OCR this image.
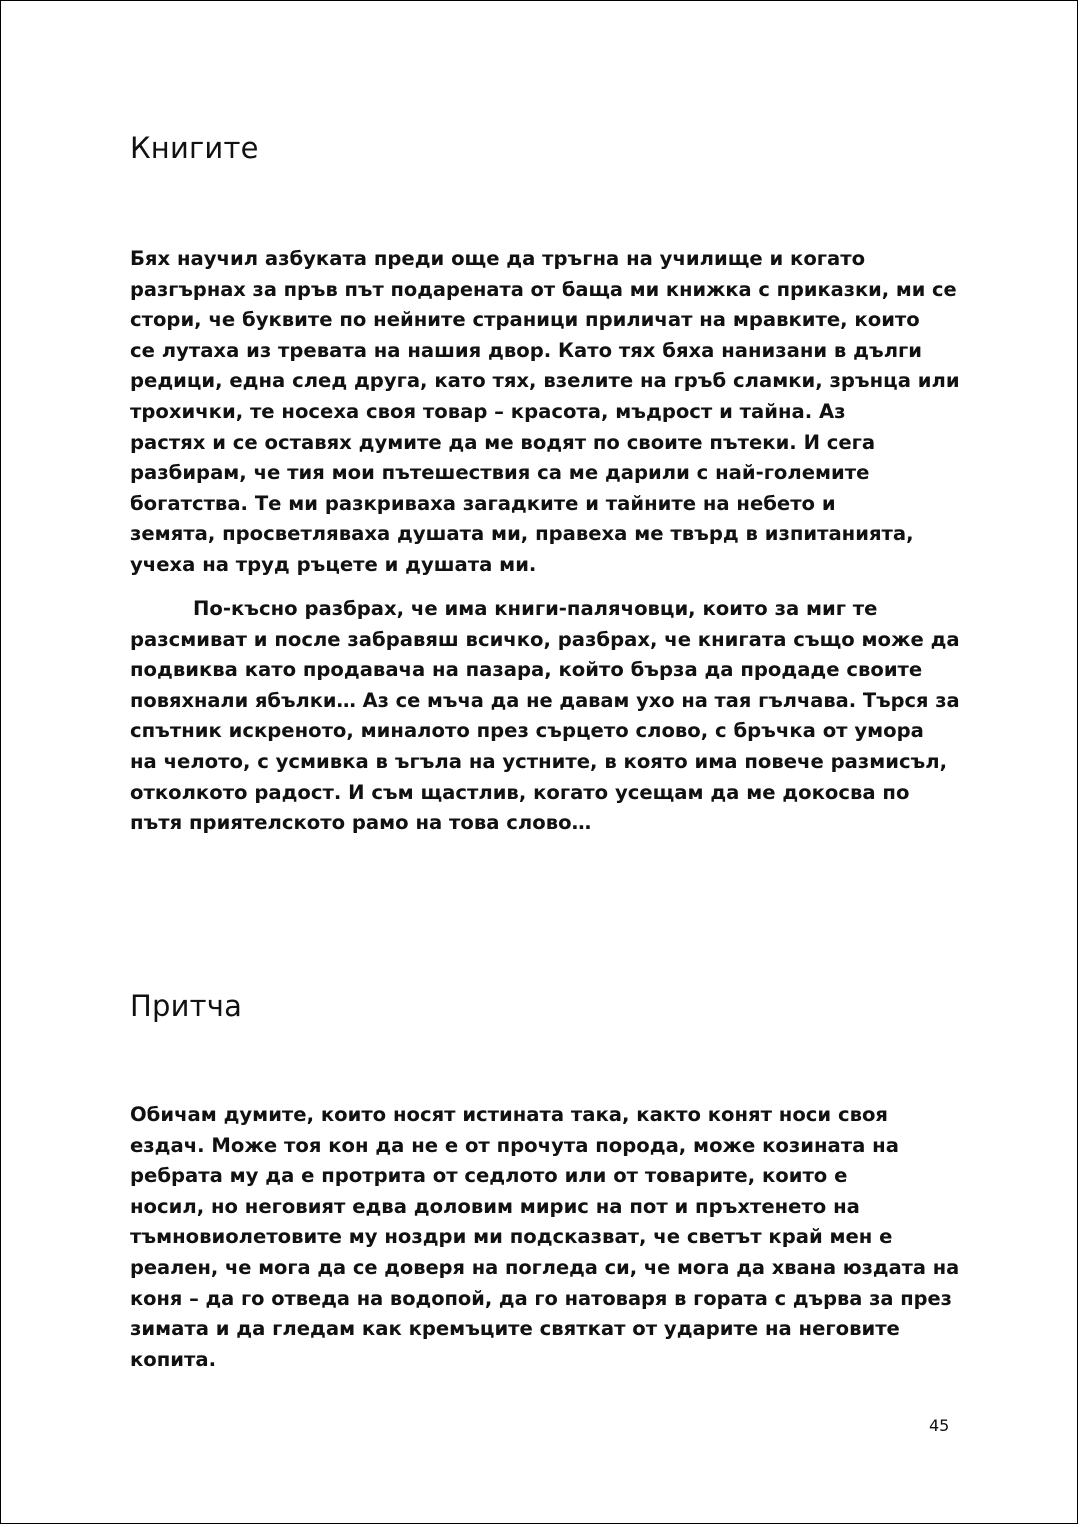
Книгите

Бях научил азбуката преди още да тръгна на училище и когато
разгърнах за пръв път подарената от баща ми книжка с приказки, ми се
стори, че буквите по нейните страници приличат на мравките, които
се лутаха из тревата на нашия двор. Като тях бяха нанизани в дълги
редици, една след друга, като тях, взелите на гръб сламки, зрънца или
трохички, те носеха своя товар – красота, мъдрост и тайна. Аз
растях и се оставях думите да ме водят по своите пътеки. И сега
разбирам, че тия мои пътешествия са ме дарили с най-големите
богатства. Те ми разкриваха загадките и тайните на небето и
земята, просветляваха душата ми, правеха ме твърд в изпитанията,
учеха на труд ръцете и душата ми.

По-късно разбрах, че има книги-палячовци, които за миг те
разсмиват и после забравяш всичко, разбрах, че книгата също може да
подвиква като продавача на пазара, който бърза да продаде своите
повяхнали ябълки… Аз се мъча да не давам ухо на тая гълчава. Търся за
спътник искреното, миналото през сърцето слово, с бръчка от умора
на челото, с усмивка в ъгъла на устните, в която има повече размисъл,
отколкото радост. И съм щастлив, когато усещам да ме докосва по
пътя приятелското рамо на това слово…

Притча

Обичам думите, които носят истината така, както конят носи своя
ездач. Може тоя кон да не е от прочута порода, може козината на
ребрата му да е протрита от седлото или от товарите, които е
носил, но неговият едва доловим мирис на пот и пръхтенето на
тъмновиолетовите му ноздри ми подсказват, че светът край мен е
реален, че мога да се доверя на погледа си, че мога да хвана юздата на
коня – да го отведа на водопой, да го натоваря в гората с дърва за през
зимата и да гледам как кремъците святкат от ударите на неговите
копита.

45
